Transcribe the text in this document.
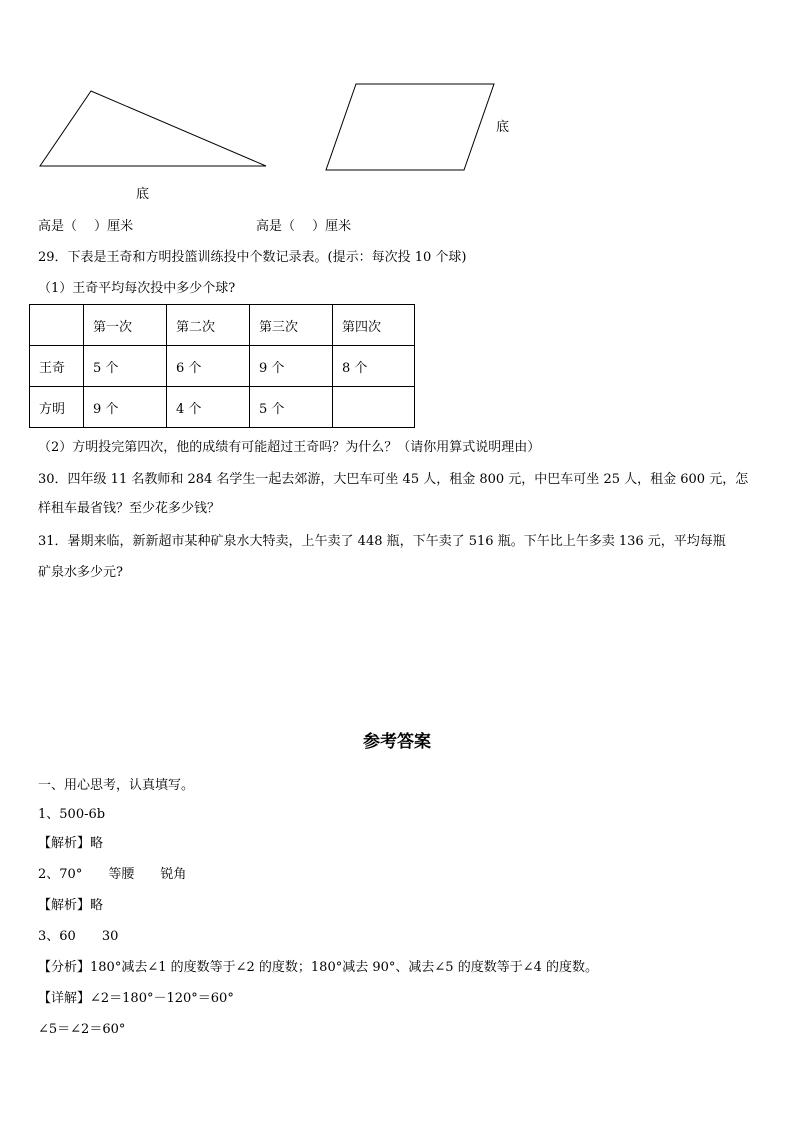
底
底
高是（　 ）厘米	高是（　 ）厘米
29．下表是王奇和方明投篮训练投中个数记录表。(提示：每次投 10 个球)
（1）王奇平均每次投中多少个球?
	第一次	第二次	第三次	第四次
王奇	5 个	6 个	9 个	8 个
方明	9 个	4 个	5 个	
（2）方明投完第四次，他的成绩有可能超过王奇吗？为什么？（请你用算式说明理由）
30．四年级 11 名教师和 284 名学生一起去郊游，大巴车可坐 45 人，租金 800 元，中巴车可坐 25 人，租金 600 元，怎
样租车最省钱？至少花多少钱？
31．暑期来临，新新超市某种矿泉水大特卖，上午卖了 448 瓶，下午卖了 516 瓶。下午比上午多卖 136 元，平均每瓶
矿泉水多少元?
参考答案
一、用心思考，认真填写。
1、500-6b
【解析】略
2、70°　　等腰　　锐角
【解析】略
3、60　　30
【分析】180°减去∠1 的度数等于∠2 的度数；180°减去 90°、减去∠5 的度数等于∠4 的度数。
【详解】∠2＝180°－120°＝60°
∠5＝∠2＝60°
